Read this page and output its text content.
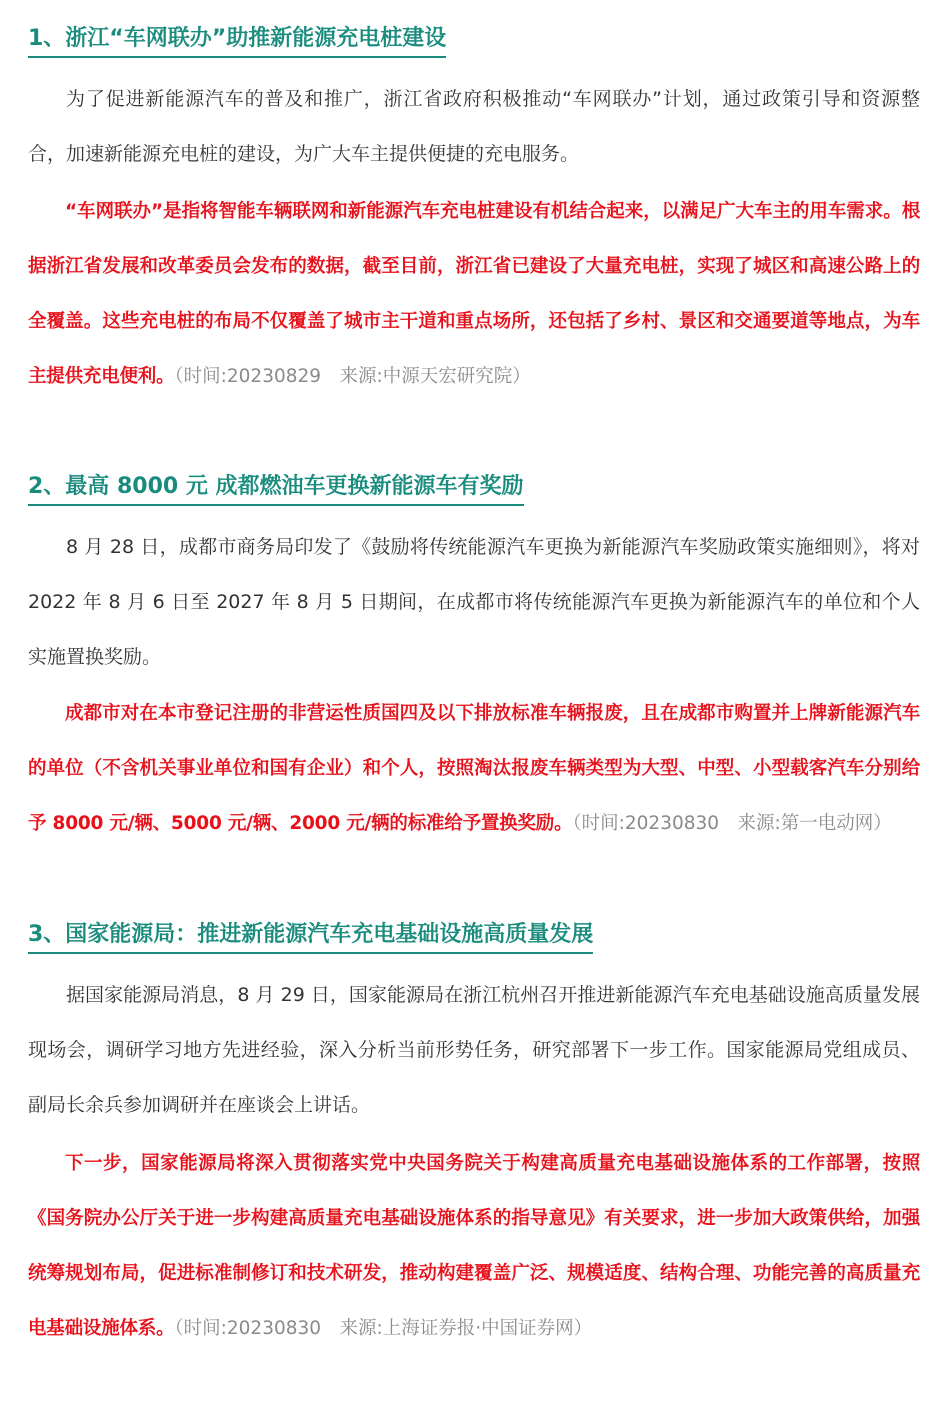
1、浙江“车网联办”助推新能源充电桩建设

为了促进新能源汽车的普及和推广，浙江省政府积极推动“车网联办”计划，通过政策引导和资源整合，加速新能源充电桩的建设，为广大车主提供便捷的充电服务。

“车网联办”是指将智能车辆联网和新能源汽车充电桩建设有机结合起来，以满足广大车主的用车需求。根据浙江省发展和改革委员会发布的数据，截至目前，浙江省已建设了大量充电桩，实现了城区和高速公路上的全覆盖。这些充电桩的布局不仅覆盖了城市主干道和重点场所，还包括了乡村、景区和交通要道等地点，为车主提供充电便利。（时间:20230829　来源:中源天宏研究院）

2、最高 8000 元 成都燃油车更换新能源车有奖励

8 月 28 日，成都市商务局印发了《鼓励将传统能源汽车更换为新能源汽车奖励政策实施细则》，将对 2022 年 8 月 6 日至 2027 年 8 月 5 日期间，在成都市将传统能源汽车更换为新能源汽车的单位和个人实施置换奖励。

成都市对在本市登记注册的非营运性质国四及以下排放标准车辆报废，且在成都市购置并上牌新能源汽车的单位（不含机关事业单位和国有企业）和个人，按照淘汰报废车辆类型为大型、中型、小型载客汽车分别给予 8000 元/辆、5000 元/辆、2000 元/辆的标准给予置换奖励。（时间:20230830　来源:第一电动网）

3、国家能源局：推进新能源汽车充电基础设施高质量发展

据国家能源局消息，8 月 29 日，国家能源局在浙江杭州召开推进新能源汽车充电基础设施高质量发展现场会，调研学习地方先进经验，深入分析当前形势任务，研究部署下一步工作。国家能源局党组成员、副局长余兵参加调研并在座谈会上讲话。

下一步，国家能源局将深入贯彻落实党中央国务院关于构建高质量充电基础设施体系的工作部署，按照《国务院办公厅关于进一步构建高质量充电基础设施体系的指导意见》有关要求，进一步加大政策供给，加强统筹规划布局，促进标准制修订和技术研发，推动构建覆盖广泛、规模适度、结构合理、功能完善的高质量充电基础设施体系。（时间:20230830　来源:上海证券报·中国证券网）
